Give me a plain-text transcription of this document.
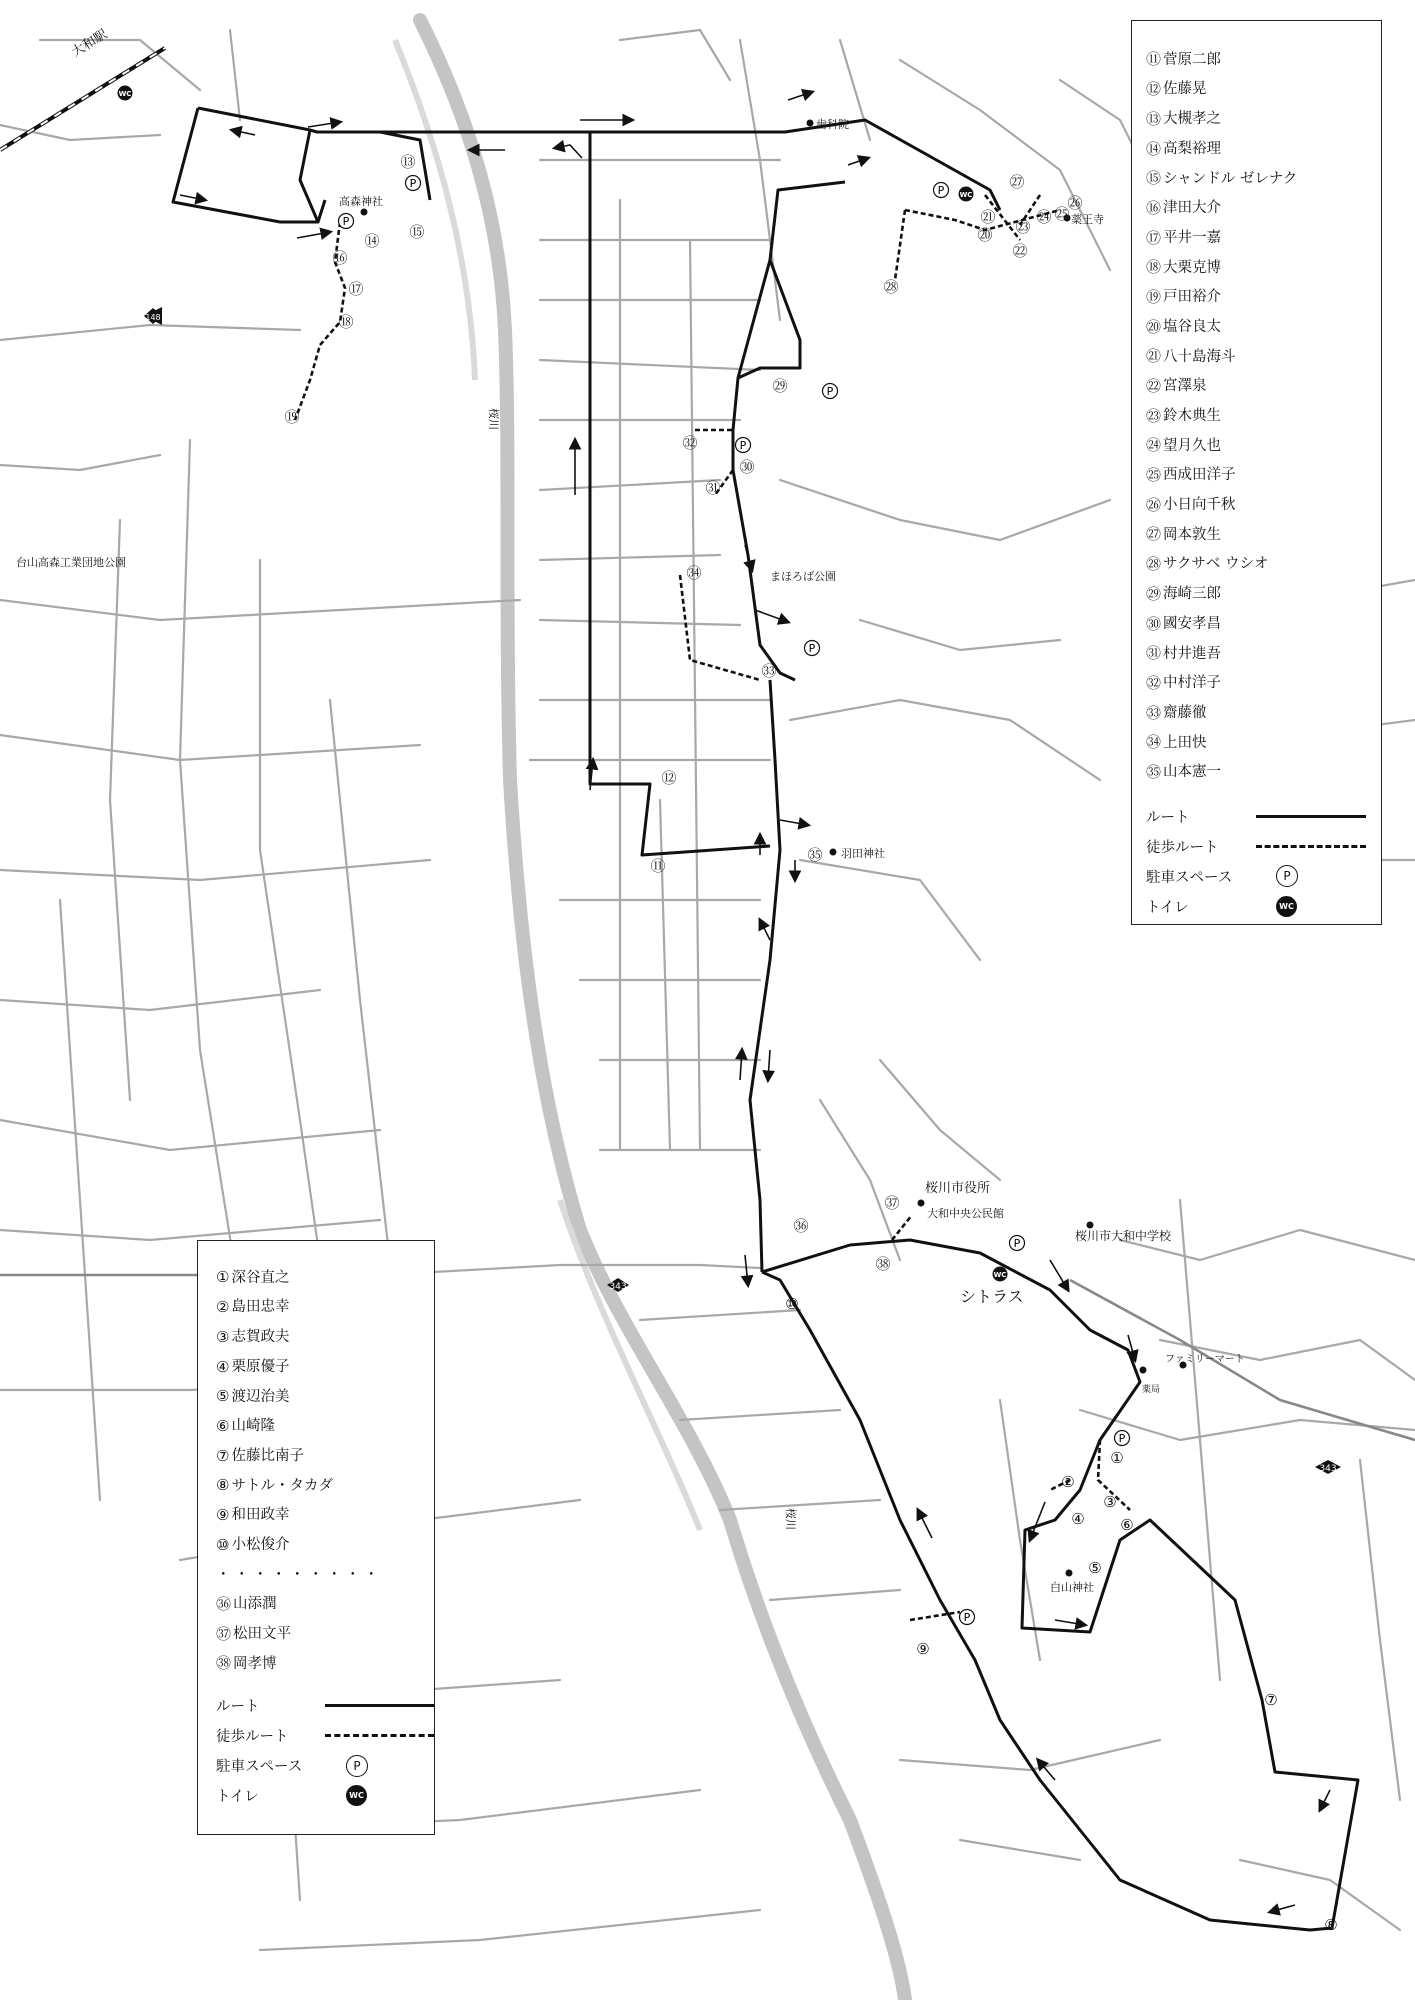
P
P
P
P
P
P
P
P
P
WC
WC
WC
大和駅
高森神社
歯科院
薬王寺
まほろば公園
羽田神社
台山高森工業団地公園
桜川市役所
大和中央公民館
桜川市大和中学校
シトラス
ファミリーマート
薬局
白山神社
桜川
桜川
148
343
343
①
②
③
④
⑤
⑥
⑦
⑧
⑨
⑩
⑪
⑫
⑬
⑭ ⑮
⑯
⑰
⑱
⑲
⑳
㉑
㉒
㉓
㉔ ㉕
㉖
㉗
㉘
㉙
㉚
㉛
㉜
㉝
㉞
㉟
㊱
㊲
㊳
⑪ 菅原二郎
⑫ 佐藤晃
⑬ 大槻孝之
⑭ 高梨裕理
⑮ シャンドル ゼレナク
⑯ 津田大介
⑰ 平井一嘉
⑱ 大栗克博
⑲ 戸田裕介
⑳ 塩谷良太
㉑ 八十島海斗
㉒ 宮澤泉
㉓ 鈴木典生
㉔ 望月久也
㉕ 西成田洋子
㉖ 小日向千秋
㉗ 岡本敦生
㉘ サクサベ ウシオ
㉙ 海崎三郎
㉚ 國安孝昌
㉛ 村井進吾
㉜ 中村洋子
㉝ 齋藤徹
㉞ 上田快
㉟ 山本憲一
ルート
徒歩ルート
駐車スペース	P
トイレ	WC
① 深谷直之
② 島田忠幸
③ 志賀政夫
④ 栗原優子
⑤ 渡辺治美
⑥ 山崎隆
⑦ 佐藤比南子
⑧ サトル・タカダ
⑨ 和田政幸
⑩ 小松俊介
・・・・・・・・・
㊱ 山添潤
㊲ 松田文平
㊳ 岡孝博
ルート
徒歩ルート
駐車スペース	P
トイレ	WC
